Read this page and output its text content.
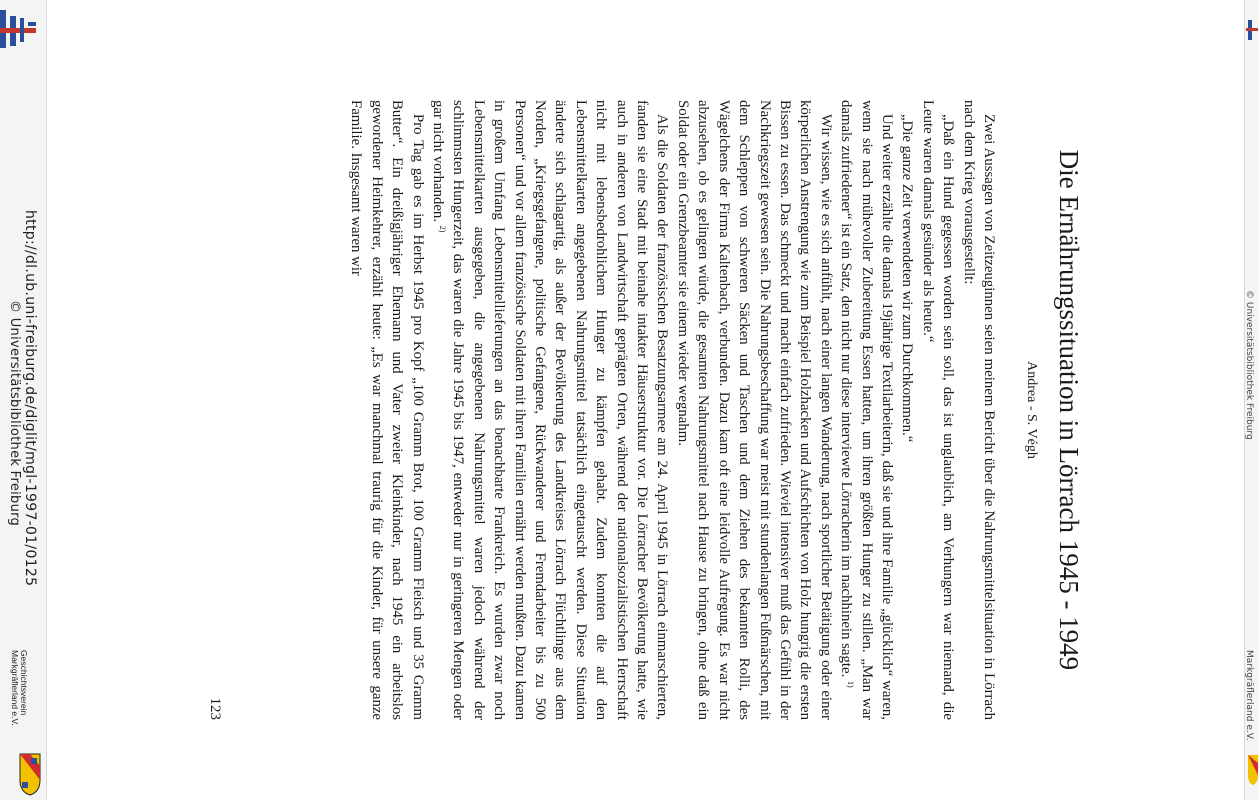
http://dl.ub.uni-freiburg.de/diglit/mgl-1997-01/0125
© Universitätsbibliothek Freiburg
Geschichtsverein
Markgräflerland e.V.
© Universitätsbibliothek Freiburg
Markgräflerland e.V.
Die Ernährungssituation in Lörrach 1945 - 1949
Andrea - S. Végh

Zwei Aussagen von Zeitzeuginnen seien meinem Bericht über die Nahrungsmittelsituation in Lörrach nach dem Krieg vorausgestellt:

„Daß ein Hund gegessen worden sein soll, das ist unglaublich, am Verhungern war niemand, die Leute waren damals gesünder als heute.“

„Die ganze Zeit verwendeten wir zum Durchkommen.“

Und weiter erzählte die damals 19jährige Textilarbeiterin, daß sie und ihre Familie „glücklich“ waren, wenn sie nach mühevoller Zubereitung Essen hatten, um ihren größten Hunger zu stillen. „Man war damals zufriedener“ ist ein Satz, den nicht nur diese interviewte Lörracherin im nachhinein sagte. $^{1)}$

Wir wissen, wie es sich anfühlt, nach einer langen Wanderung, nach sportlicher Betätigung oder einer körperlichen Anstrengung wie zum Beispiel Holzhacken und Aufschichten von Holz hungrig die ersten Bissen zu essen. Das schmeckt und macht einfach zufrieden. Wieviel intensiver muß das Gefühl in der Nachkriegszeit gewesen sein. Die Nahrungsbeschaffung war meist mit stundenlangen Fußmärschen, mit dem Schleppen von schweren Säcken und Taschen und dem Ziehen des bekannten Rolli, des Wägelchens der Firma Kaltenbach, verbunden. Dazu kam oft eine leidvolle Aufregung. Es war nicht abzusehen, ob es gelingen würde, die gesamten Nahrungsmittel nach Hause zu bringen, ohne daß ein Soldat oder ein Grenzbeamter sie einem wieder wegnahm.

Als die Soldaten der französischen Besatzungsarmee am 24. April 1945 in Lörrach einmarschierten, fanden sie eine Stadt mit beinahe intakter Häuserstruktur vor. Die Lörracher Bevölkerung hatte, wie auch in anderen von Landwirtschaft geprägten Orten, während der nationalsozialistischen Herrschaft nicht mit lebensbedrohlichem Hunger zu kämpfen gehabt. Zudem konnten die auf den Lebensmittelkarten angegebenen Nahrungsmittel tatsächlich eingetauscht werden. Diese Situation änderte sich schlagartig, als außer der Bevölkerung des Landkreises Lörrach Flüchtlinge aus dem Norden, „Kriegsgefangene, politische Gefangene, Rückwanderer und Fremdarbeiter bis zu 500 Personen“ und vor allem französische Soldaten mit ihren Familien ernährt werden mußten. Dazu kamen in großem Umfang Lebensmittellieferungen an das benachbarte Frankreich. Es wurden zwar noch Lebensmittelkarten ausgegeben, die angegebenen Nahrungsmittel waren jedoch während der schlimmsten Hungerzeit, das waren die Jahre 1945 bis 1947, entweder nur in geringeren Mengen oder gar nicht vorhanden. $^{2)}$

Pro Tag gab es im Herbst 1945 pro Kopf „100 Gramm Brot, 100 Gramm Fleisch und 35 Gramm Butter“. Ein dreißigjähriger Ehemann und Vater zweier Kleinkinder, nach 1945 ein arbeitslos gewordener Heimkehrer, erzählt heute: „Es war manchmal traurig für die Kinder, für unsere ganze Familie. Insgesamt waren wir

123
